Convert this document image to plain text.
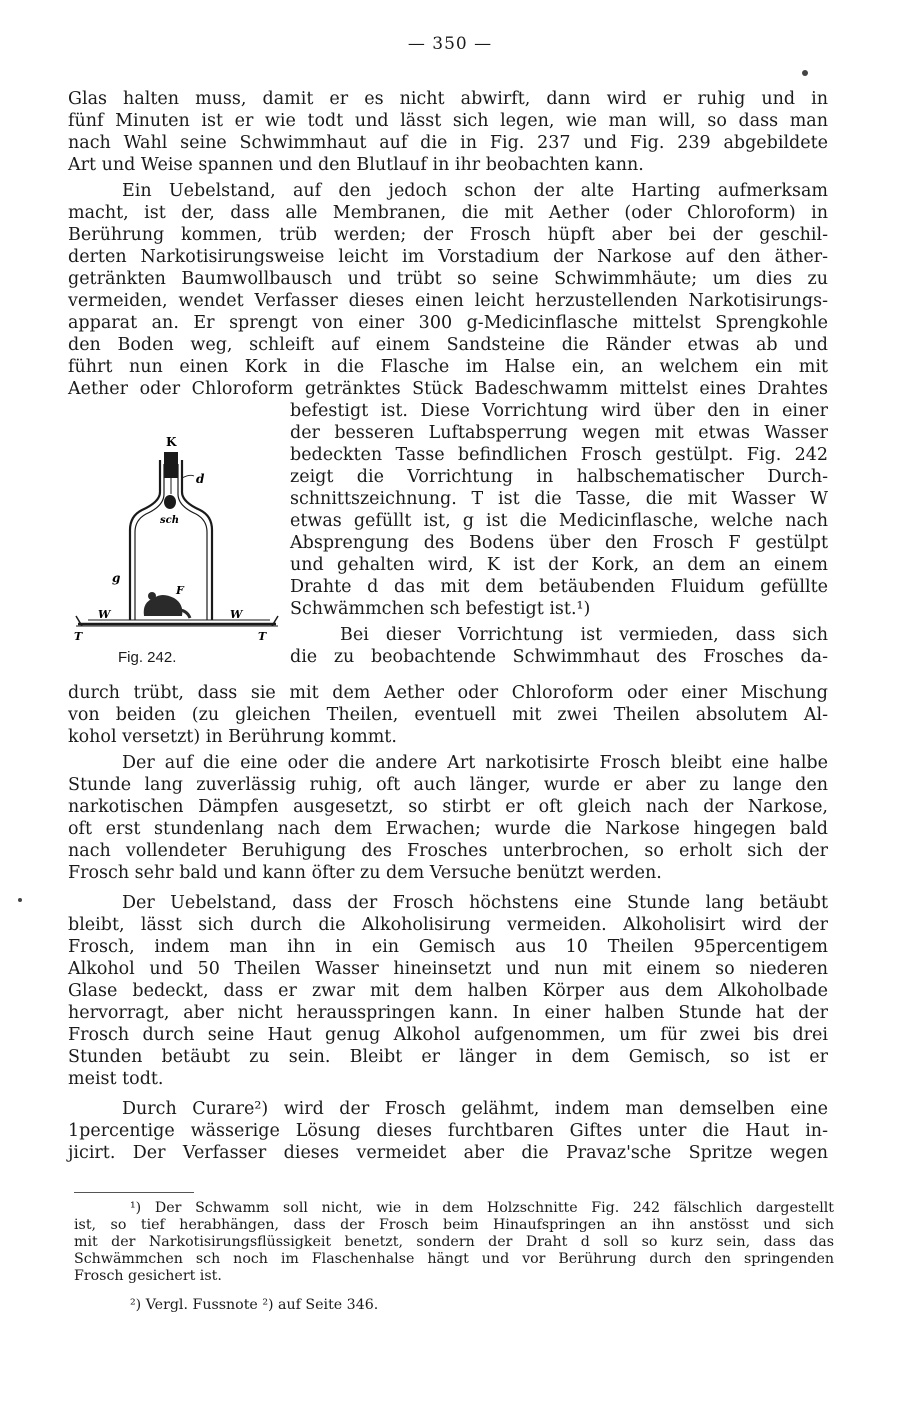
— 350 —
Glas halten muss, damit er es nicht abwirft, dann wird er ruhig und in
fünf Minuten ist er wie todt und lässt sich legen, wie man will, so dass man
nach Wahl seine Schwimmhaut auf die in Fig. 237 und Fig. 239 abgebildete
Art und Weise spannen und den Blutlauf in ihr beobachten kann.
Ein Uebelstand, auf den jedoch schon der alte Harting aufmerksam
macht, ist der, dass alle Membranen, die mit Aether (oder Chloroform) in
Berührung kommen, trüb werden; der Frosch hüpft aber bei der geschil-
derten Narkotisirungsweise leicht im Vorstadium der Narkose auf den äther-
getränkten Baumwollbausch und trübt so seine Schwimmhäute; um dies zu
vermeiden, wendet Verfasser dieses einen leicht herzustellenden Narkotisirungs-
apparat an. Er sprengt von einer 300 g-Medicinflasche mittelst Sprengkohle
den Boden weg, schleift auf einem Sandsteine die Ränder etwas ab und
führt nun einen Kork in die Flasche im Halse ein, an welchem ein mit
Aether oder Chloroform getränktes Stück Badeschwamm mittelst eines Drahtes
befestigt ist. Diese Vorrichtung wird über den in einer
der besseren Luftabsperrung wegen mit etwas Wasser
bedeckten Tasse befindlichen Frosch gestülpt. Fig. 242
zeigt die Vorrichtung in halbschematischer Durch-
schnittszeichnung. T ist die Tasse, die mit Wasser W
etwas gefüllt ist, g ist die Medicinflasche, welche nach
Absprengung des Bodens über den Frosch F gestülpt
und gehalten wird, K ist der Kork, an dem an einem
Drahte d das mit dem betäubenden Fluidum gefüllte
Schwämmchen sch befestigt ist.¹)
Bei dieser Vorrichtung ist vermieden, dass sich
die zu beobachtende Schwimmhaut des Frosches da-
K
d
sch
g
F
W	W
T	T
Fig. 242.
durch trübt, dass sie mit dem Aether oder Chloroform oder einer Mischung
von beiden (zu gleichen Theilen, eventuell mit zwei Theilen absolutem Al-
kohol versetzt) in Berührung kommt.
Der auf die eine oder die andere Art narkotisirte Frosch bleibt eine halbe
Stunde lang zuverlässig ruhig, oft auch länger, wurde er aber zu lange den
narkotischen Dämpfen ausgesetzt, so stirbt er oft gleich nach der Narkose,
oft erst stundenlang nach dem Erwachen; wurde die Narkose hingegen bald
nach vollendeter Beruhigung des Frosches unterbrochen, so erholt sich der
Frosch sehr bald und kann öfter zu dem Versuche benützt werden.
Der Uebelstand, dass der Frosch höchstens eine Stunde lang betäubt
bleibt, lässt sich durch die Alkoholisirung vermeiden. Alkoholisirt wird der
Frosch, indem man ihn in ein Gemisch aus 10 Theilen 95percentigem
Alkohol und 50 Theilen Wasser hineinsetzt und nun mit einem so niederen
Glase bedeckt, dass er zwar mit dem halben Körper aus dem Alkoholbade
hervorragt, aber nicht herausspringen kann. In einer halben Stunde hat der
Frosch durch seine Haut genug Alkohol aufgenommen, um für zwei bis drei
Stunden betäubt zu sein. Bleibt er länger in dem Gemisch, so ist er
meist todt.
Durch Curare²) wird der Frosch gelähmt, indem man demselben eine
1percentige wässerige Lösung dieses furchtbaren Giftes unter die Haut in-
jicirt. Der Verfasser dieses vermeidet aber die Pravaz'sche Spritze wegen
¹) Der Schwamm soll nicht, wie in dem Holzschnitte Fig. 242 fälschlich dargestellt
ist, so tief herabhängen, dass der Frosch beim Hinaufspringen an ihn anstösst und sich
mit der Narkotisirungsflüssigkeit benetzt, sondern der Draht d soll so kurz sein, dass das
Schwämmchen sch noch im Flaschenhalse hängt und vor Berührung durch den springenden
Frosch gesichert ist.
²) Vergl. Fussnote ²) auf Seite 346.
